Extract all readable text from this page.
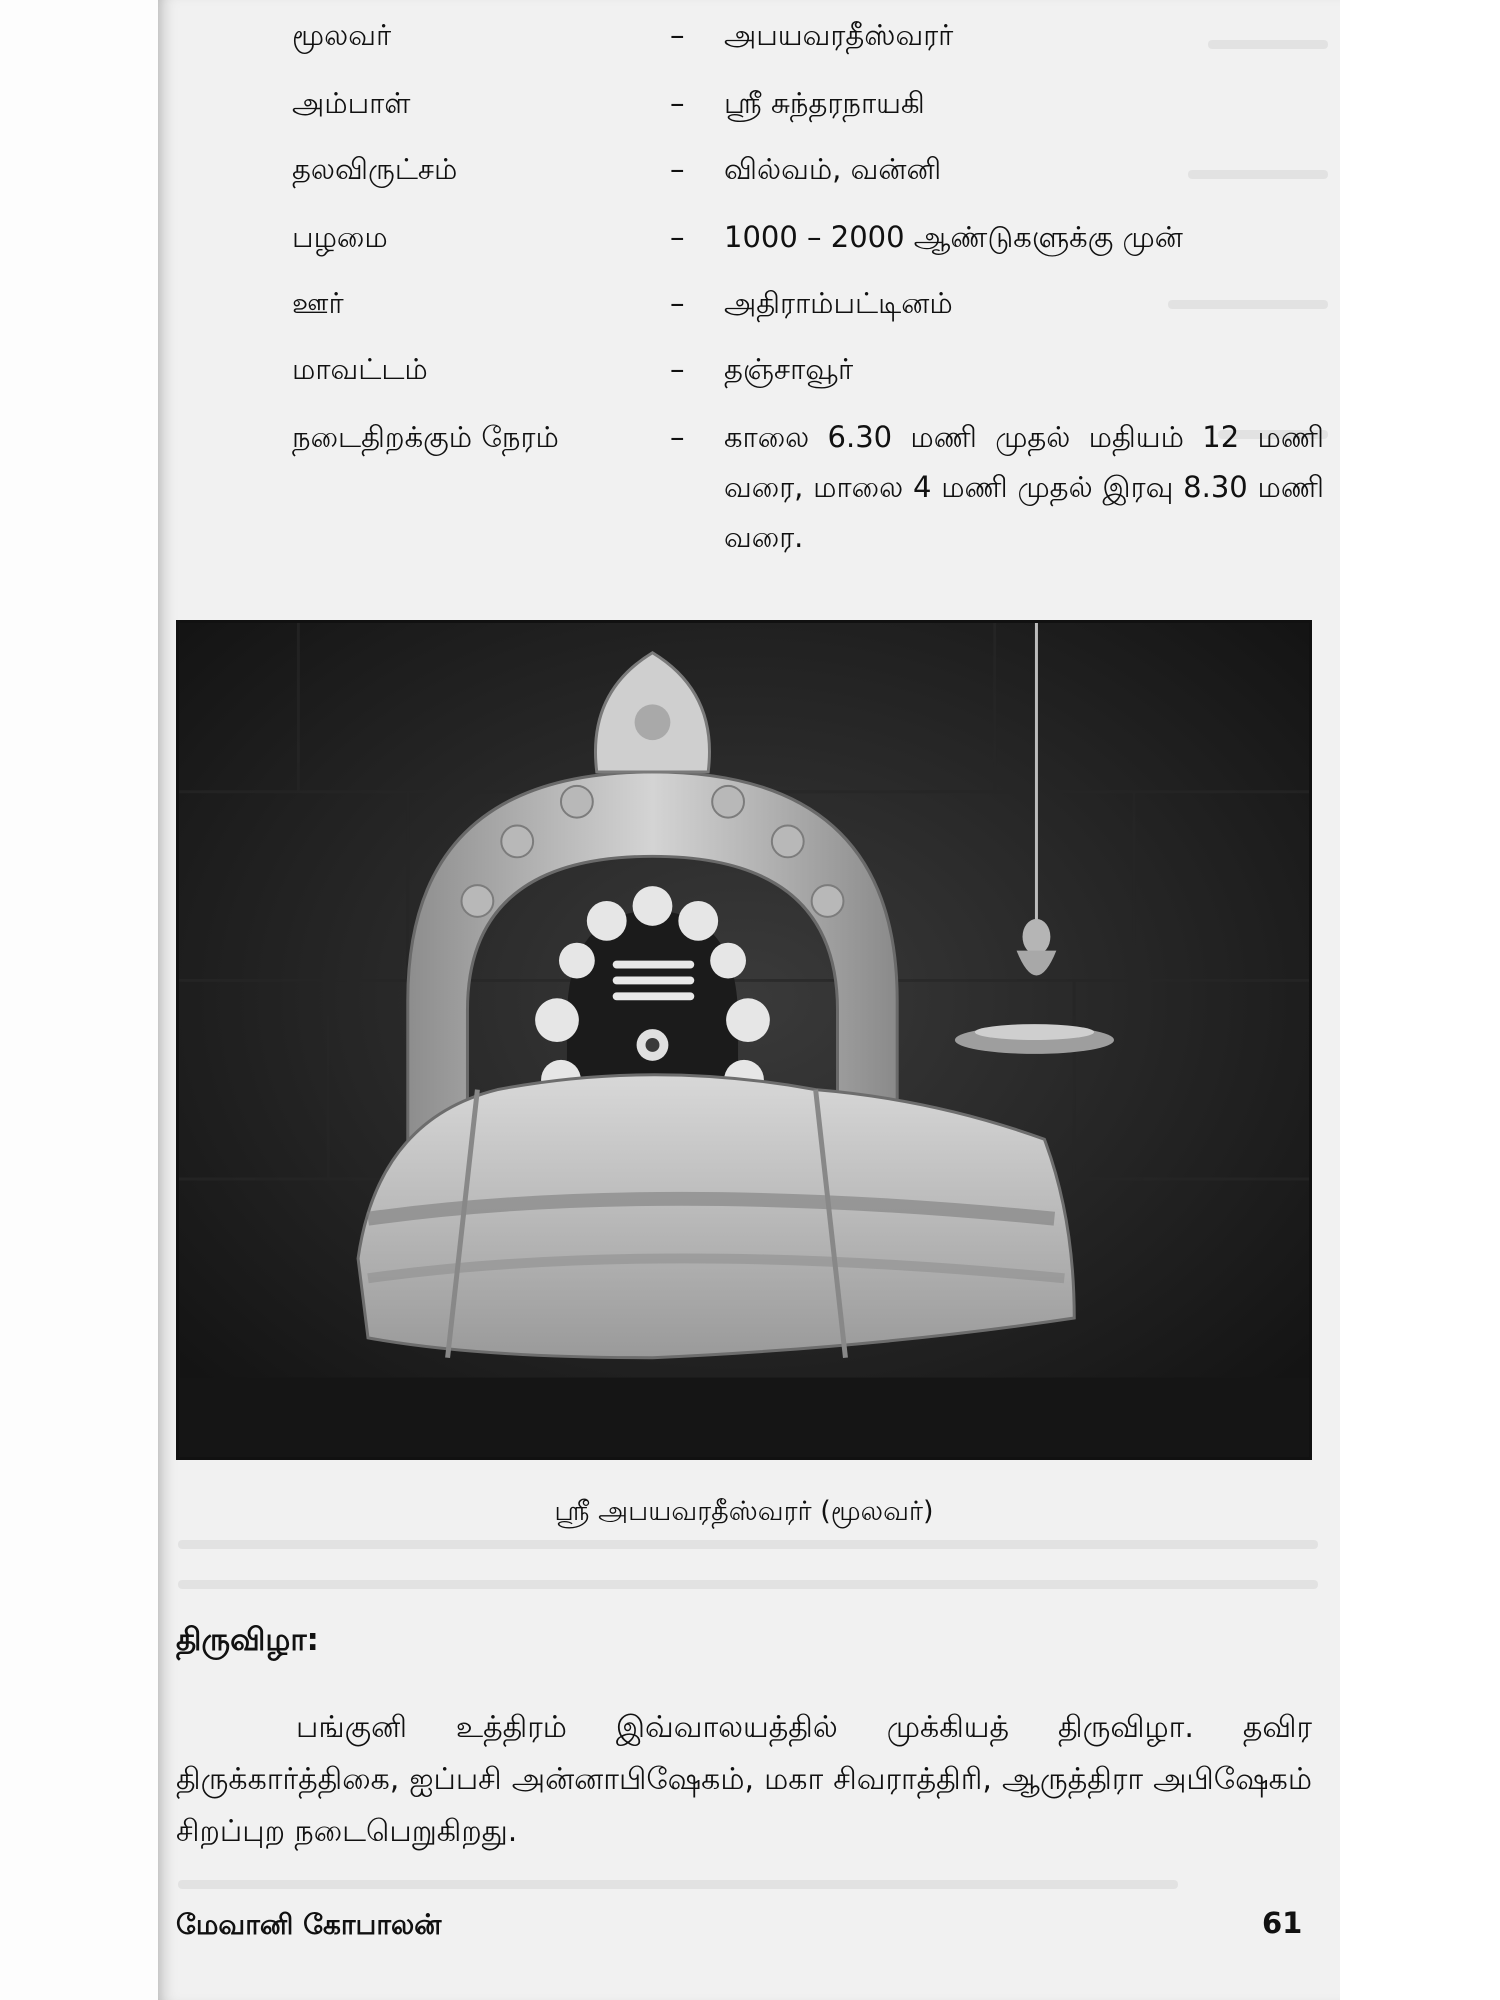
மூலவர்	– அபயவரதீஸ்வரர்
அம்பாள்	– ஸ்ரீ சுந்தரநாயகி
தலவிருட்சம்	– வில்வம், வன்னி
பழமை	– 1000 – 2000 ஆண்டுகளுக்கு முன்
ஊர்	– அதிராம்பட்டினம்
மாவட்டம்	– தஞ்சாவூர்
நடைதிறக்கும் நேரம்	– காலை 6.30 மணி முதல் மதியம் 12 மணி வரை, மாலை 4 மணி முதல் இரவு 8.30 மணி வரை.
ஸ்ரீ அபயவரதீஸ்வரர் (மூலவர்)
திருவிழா:

பங்குனி உத்திரம் இவ்வாலயத்தில் முக்கியத் திருவிழா. தவிர திருக்கார்த்திகை, ஐப்பசி அன்னாபிஷேகம், மகா சிவராத்திரி, ஆருத்திரா அபிஷேகம் சிறப்புற நடைபெறுகிறது.

மேவானி கோபாலன்	61
